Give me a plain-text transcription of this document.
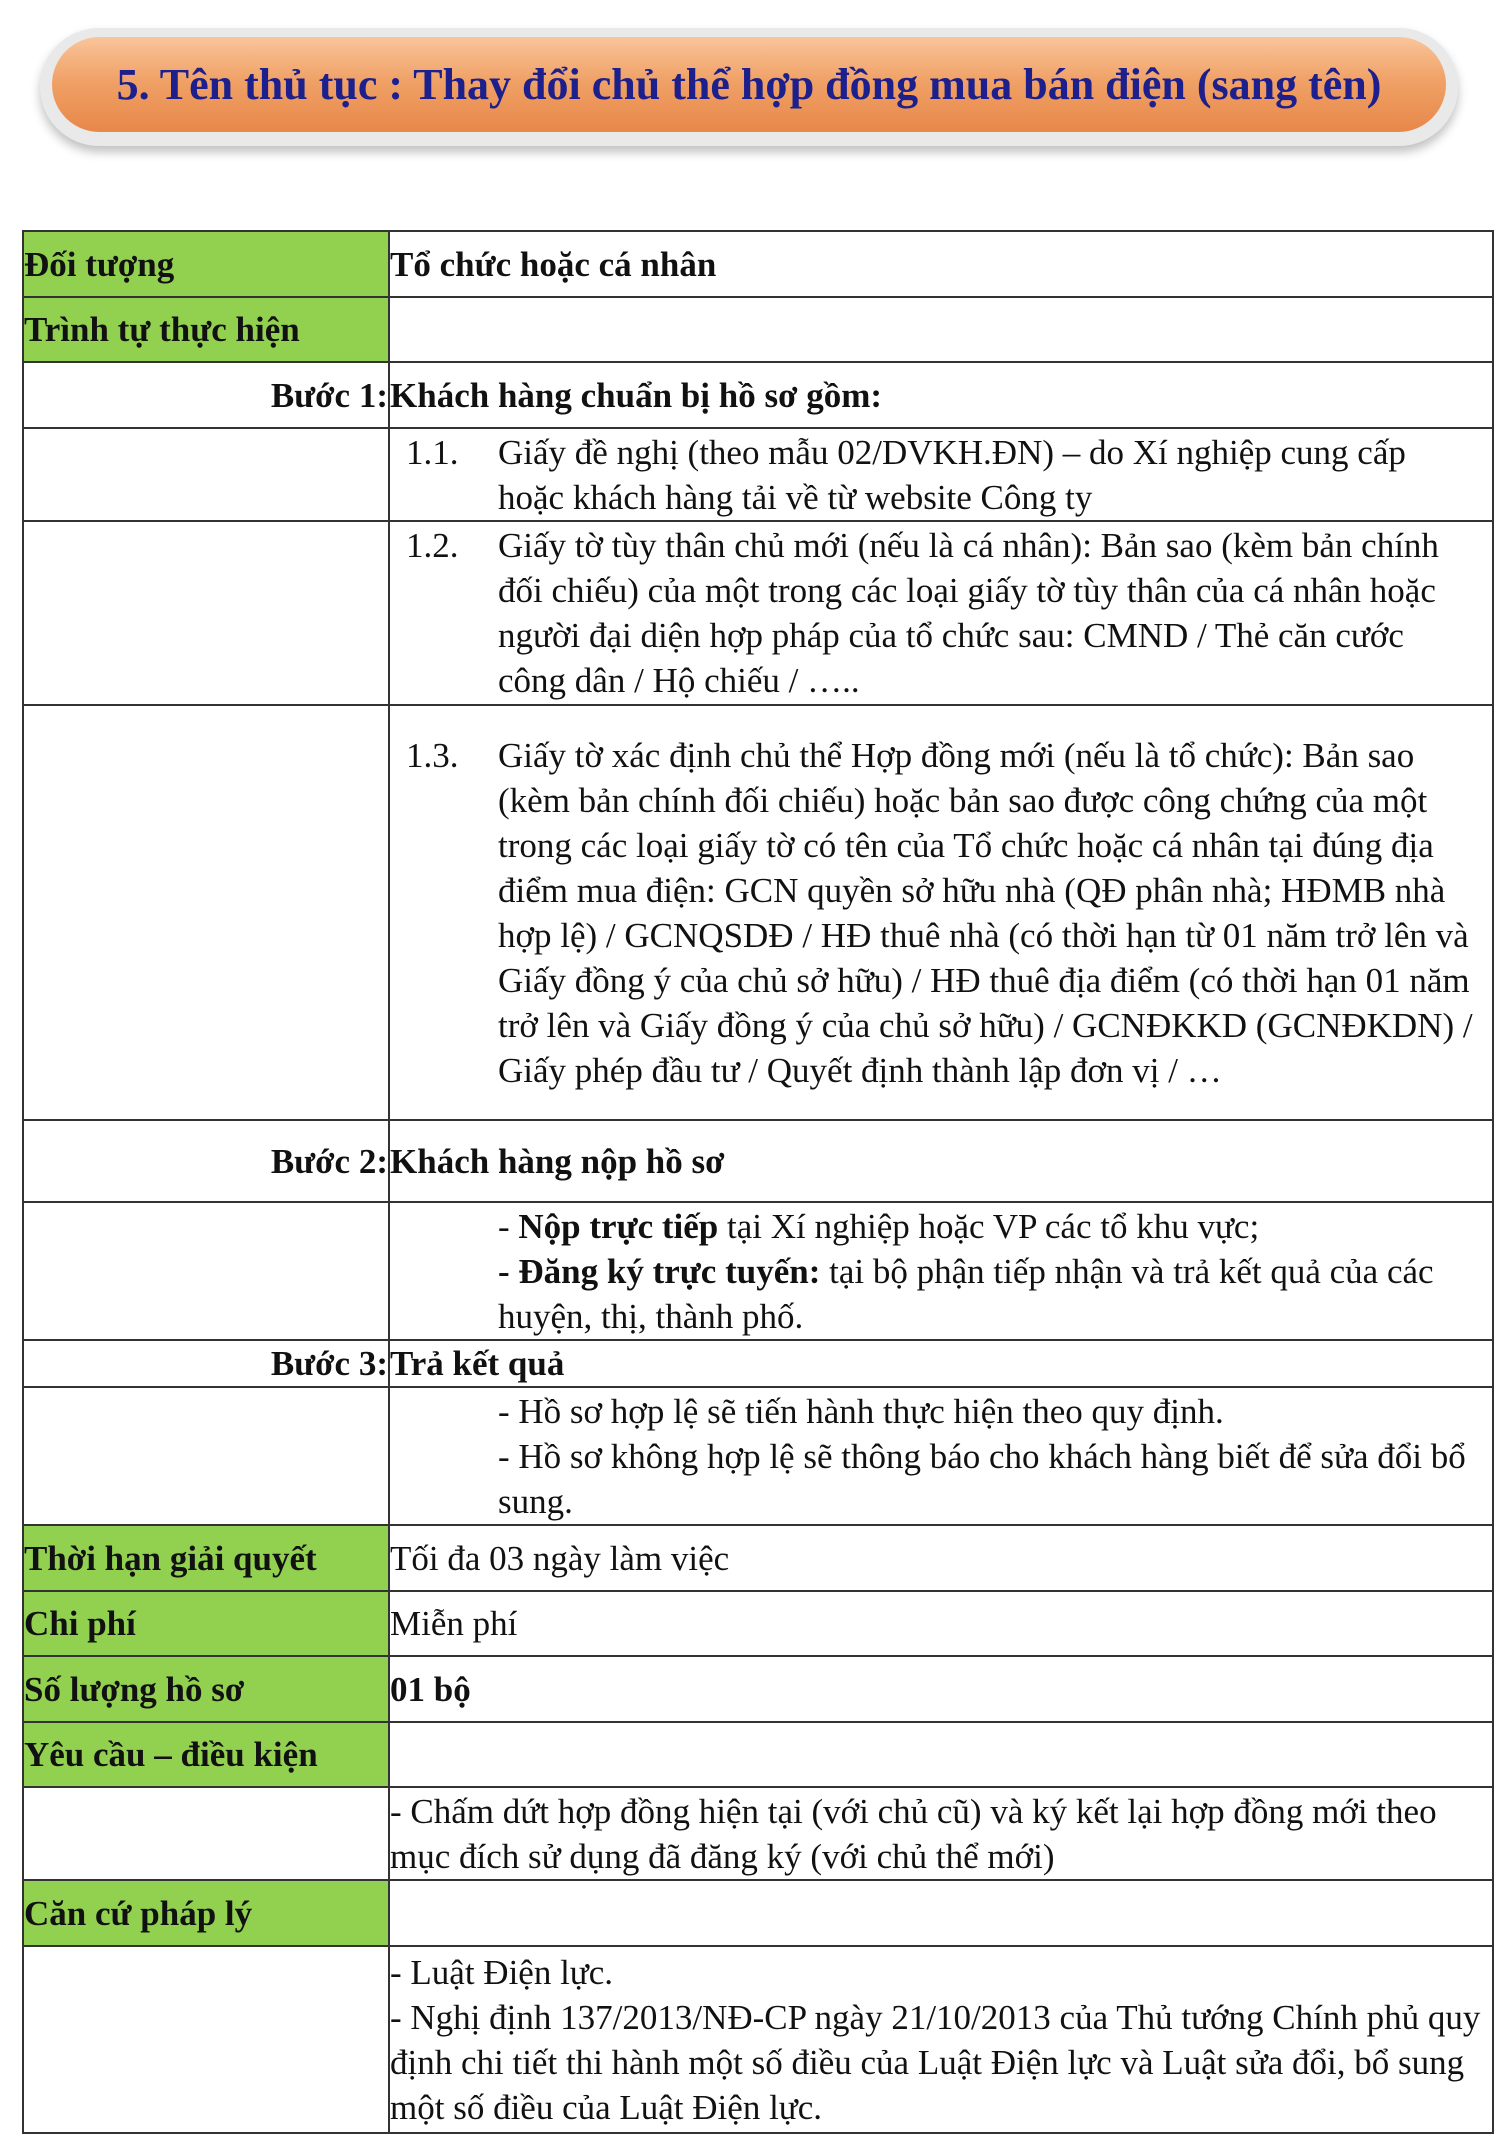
5. Tên thủ tục : Thay đổi chủ thể hợp đồng mua bán điện (sang tên)
Đối tượng	Tổ chức hoặc cá nhân
Trình tự thực hiện	
Bước 1:	Khách hàng chuẩn bị hồ sơ gồm:

	1.1. Giấy đề nghị (theo mẫu 02/DVKH.ĐN) – do Xí nghiệp cung cấp hoặc khách hàng tải về từ website Công ty

	1.2. Giấy tờ tùy thân chủ mới (nếu là cá nhân): Bản sao (kèm bản chính đối chiếu) của một trong các loại giấy tờ tùy thân của cá nhân hoặc người đại diện hợp pháp của tổ chức sau: CMND / Thẻ căn cước công dân / Hộ chiếu / …..

	1.3. Giấy tờ xác định chủ thể Hợp đồng mới (nếu là tổ chức): Bản sao (kèm bản chính đối chiếu) hoặc bản sao được công chứng của một trong các loại giấy tờ có tên của Tổ chức hoặc cá nhân tại đúng địa điểm mua điện: GCN quyền sở hữu nhà (QĐ phân nhà; HĐMB nhà hợp lệ) / GCNQSDĐ / HĐ thuê nhà (có thời hạn từ 01 năm trở lên và Giấy đồng ý của chủ sở hữu) / HĐ thuê địa điểm (có thời hạn 01 năm trở lên và Giấy đồng ý của chủ sở hữu) / GCNĐKKD (GCNĐKDN) / Giấy phép đầu tư / Quyết định thành lập đơn vị / …

Bước 2:	Khách hàng nộp hồ sơ

	- Nộp trực tiếp tại Xí nghiệp hoặc VP các tổ khu vực;
- Đăng ký trực tuyến: tại bộ phận tiếp nhận và trả kết quả của các huyện, thị, thành phố.

Bước 3:	Trả kết quả

	- Hồ sơ hợp lệ sẽ tiến hành thực hiện theo quy định.
- Hồ sơ không hợp lệ sẽ thông báo cho khách hàng biết để sửa đổi bổ sung.

Thời hạn giải quyết	Tối đa 03 ngày làm việc
Chi phí	Miễn phí
Số lượng hồ sơ	01 bộ
Yêu cầu – điều kiện	
	- Chấm dứt hợp đồng hiện tại (với chủ cũ) và ký kết lại hợp đồng mới theo mục đích sử dụng đã đăng ký (với chủ thể mới)
Căn cứ pháp lý	

	- Luật Điện lực.
- Nghị định 137/2013/NĐ-CP ngày 21/10/2013 của Thủ tướng Chính phủ quy định chi tiết thi hành một số điều của Luật Điện lực và Luật sửa đổi, bổ sung một số điều của Luật Điện lực.
